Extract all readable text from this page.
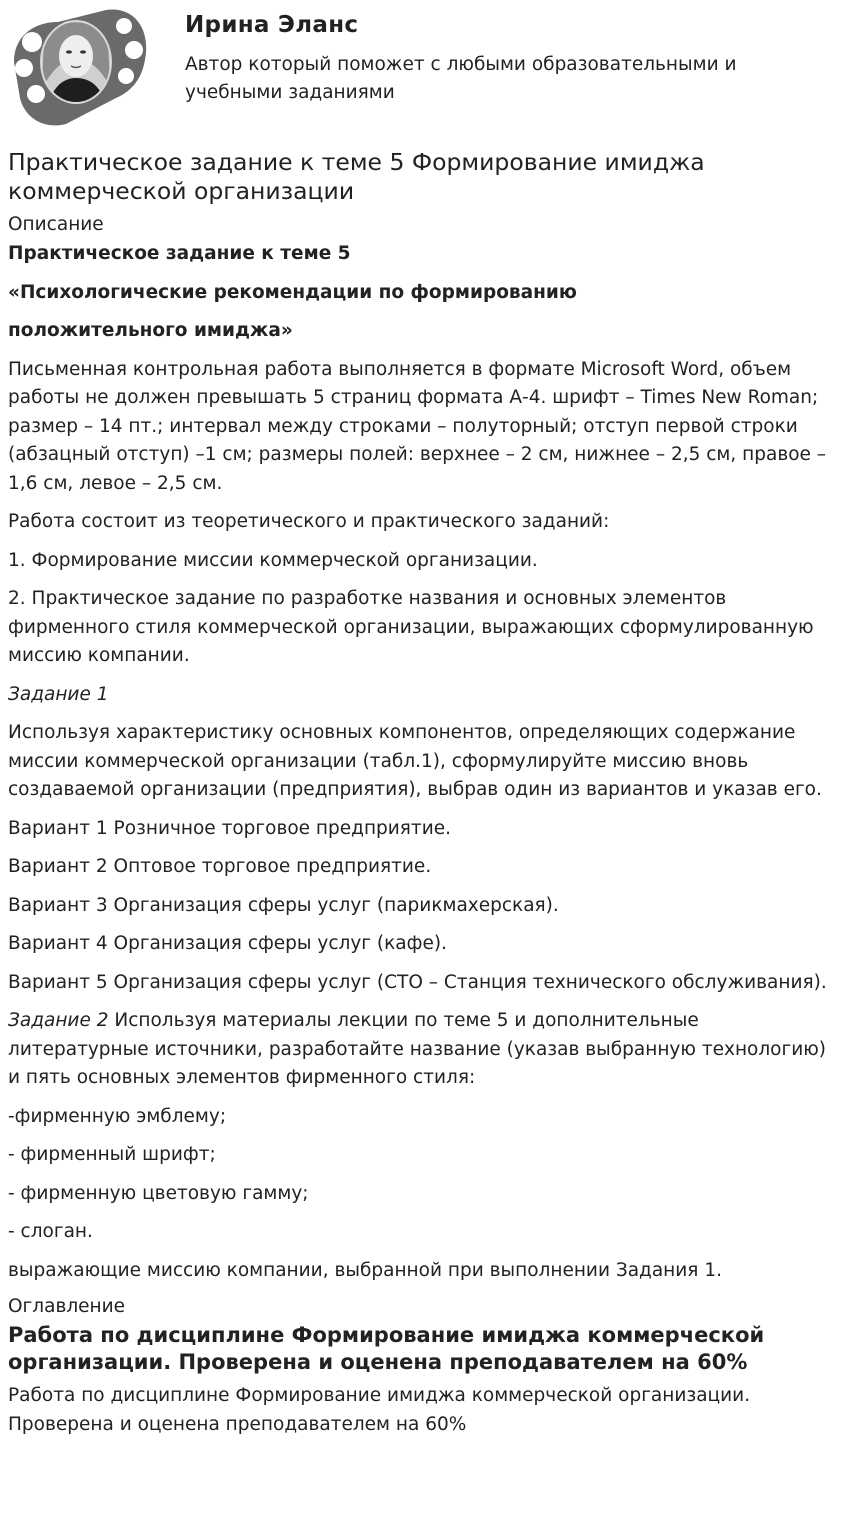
Ирина Эланс
Автор который поможет с любыми образовательными и учебными заданиями
Практическое задание к теме 5 Формирование имиджа коммерческой организации
Описание

Практическое задание к теме 5

«Психологические рекомендации по формированию

положительного имиджа»

Письменная контрольная работа выполняется в формате Microsoft Word, объем работы не должен превышать 5 страниц формата А-4. шрифт – Times New Roman; размер – 14 пт.; интервал между строками – полуторный; отступ первой строки (абзацный отступ) –1 см; размеры полей: верхнее – 2 см, нижнее – 2,5 см, правое – 1,6 см, левое – 2,5 см.

Работа состоит из теоретического и практического заданий:

1. Формирование миссии коммерческой организации.

2. Практическое задание по разработке названия и основных элементов фирменного стиля коммерческой организации, выражающих сформулированную миссию компании.

Задание 1

Используя характеристику основных компонентов, определяющих содержание миссии коммерческой организации (табл.1), сформулируйте миссию вновь создаваемой организации (предприятия), выбрав один из вариантов и указав его.

Вариант 1 Розничное торговое предприятие.

Вариант 2 Оптовое торговое предприятие.

Вариант 3 Организация сферы услуг (парикмахерская).

Вариант 4 Организация сферы услуг (кафе).

Вариант 5 Организация сферы услуг (СТО – Станция технического обслуживания).

Задание 2 Используя материалы лекции по теме 5 и дополнительные литературные источники, разработайте название (указав выбранную технологию) и пять основных элементов фирменного стиля:

-фирменную эмблему;

- фирменный шрифт;

- фирменную цветовую гамму;

- слоган.

выражающие миссию компании, выбранной при выполнении Задания 1.

Оглавление
Работа по дисциплине Формирование имиджа коммерческой организации. Проверена и оценена преподавателем на 60%

Работа по дисциплине Формирование имиджа коммерческой организации. Проверена и оценена преподавателем на 60%
